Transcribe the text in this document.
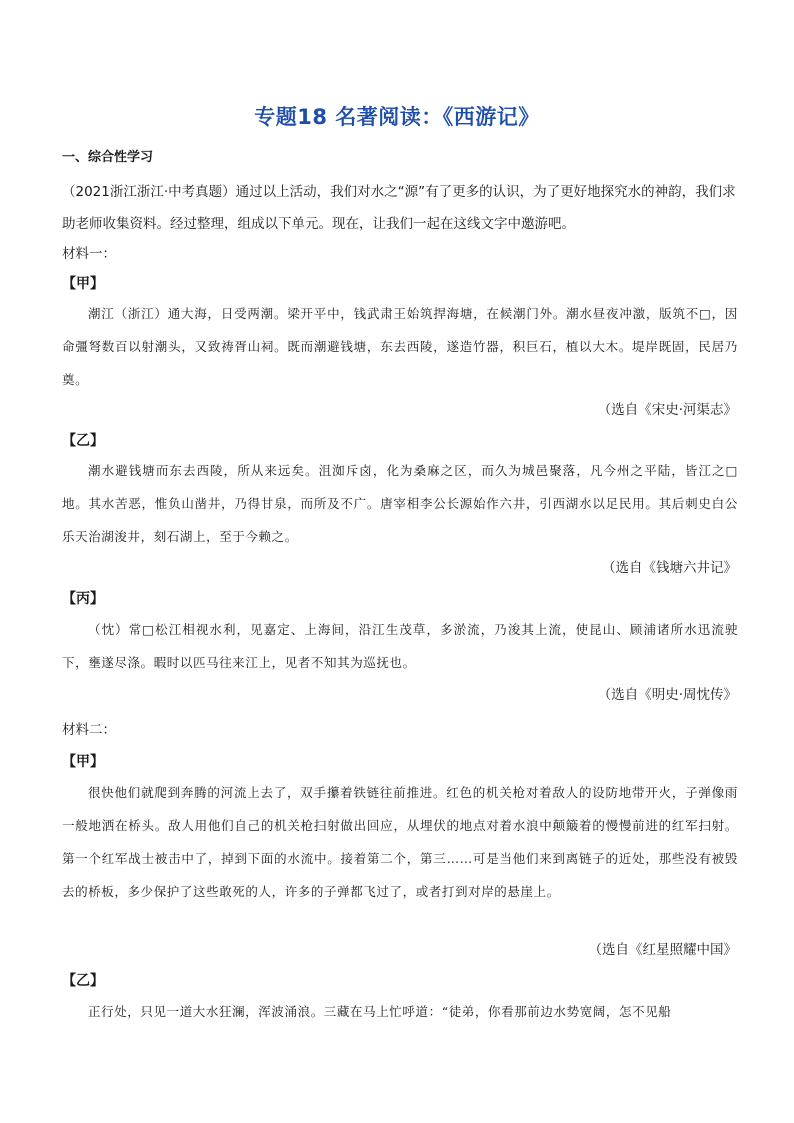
专题18 名著阅读：《西游记》
一、综合性学习
（2021浙江浙江·中考真题）通过以上活动，我们对水之“源”有了更多的认识，为了更好地探究水的神韵，我们求助老师收集资料。经过整理，组成以下单元。现在，让我们一起在这线文字中邀游吧。
材料一：
【甲】
潮江（浙江）通大海，日受两潮。梁开平中，钱武肃王始筑捍海塘，在候潮门外。潮水昼夜冲激，版筑不□，因命彊弩数百以射潮头，又致祷胥山祠。既而潮避钱塘，东去西陵，遂造竹器，积巨石，植以大木。堤岸既固，民居乃奠。
（选自《宋史·河渠志》
【乙】
潮水避钱塘而东去西陵，所从来远矣。沮洳斥卤，化为桑麻之区，而久为城邑聚落，凡今州之平陆，皆江之□地。其水苦恶，惟负山凿井，乃得甘泉，而所及不广。唐宰相李公长源始作六井，引西湖水以足民用。其后刺史白公乐天治湖浚井，刻石湖上，至于今赖之。
（选自《钱塘六井记》
【丙】
（忱）常□松江相视水利，见嘉定、上海间，沿江生茂草，多淤流，乃浚其上流，使昆山、顾浦诸所水迅流驶下，壅遂尽涤。暇时以匹马往来江上，见者不知其为巡抚也。
（选自《明史·周忱传》
材料二：
【甲】
很快他们就爬到奔腾的河流上去了，双手攥着铁链往前推进。红色的机关枪对着敌人的设防地带开火，子弹像雨一般地洒在桥头。敌人用他们自己的机关枪扫射做出回应，从埋伏的地点对着水浪中颠簸着的慢慢前进的红军扫射。第一个红军战士被击中了，掉到下面的水流中。接着第二个，第三……可是当他们来到离链子的近处，那些没有被毁去的桥板，多少保护了这些敢死的人，许多的子弹都飞过了，或者打到对岸的悬崖上。
（选自《红星照耀中国》
【乙】
正行处，只见一道大水狂澜，浑波涌浪。三藏在马上忙呼道：“徒弟，你看那前边水势宽阔，怎不见船
